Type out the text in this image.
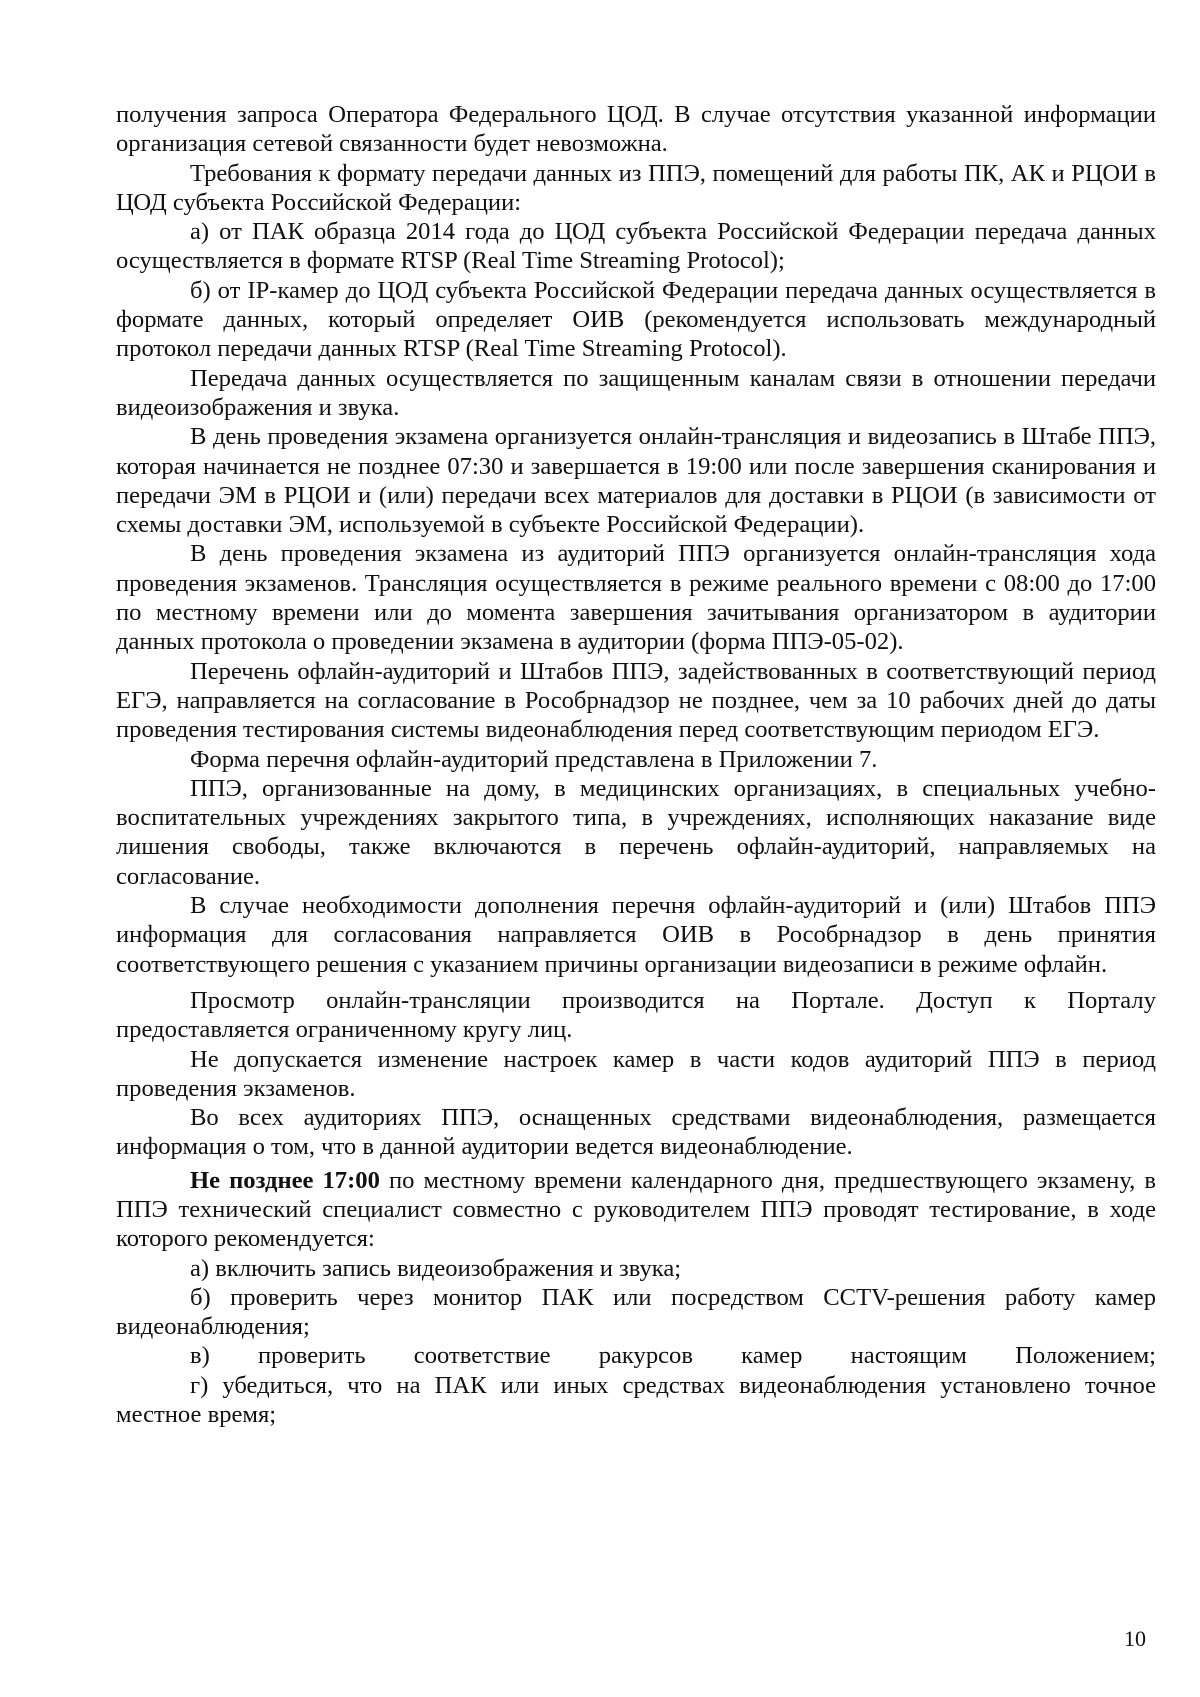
получения запроса Оператора Федерального ЦОД. В случае отсутствия указанной информации организация сетевой связанности будет невозможна.

Требования к формату передачи данных из ППЭ, помещений для работы ПК, АК и РЦОИ в ЦОД субъекта Российской Федерации:

а) от ПАК образца 2014 года до ЦОД субъекта Российской Федерации передача данных осуществляется в формате RTSP (Real Time Streaming Protocol);

б) от IP-камер до ЦОД субъекта Российской Федерации передача данных осуществляется в формате данных, который определяет ОИВ (рекомендуется использовать международный протокол передачи данных RTSP (Real Time Streaming Protocol).

Передача данных осуществляется по защищенным каналам связи в отношении передачи видеоизображения и звука.

В день проведения экзамена организуется онлайн-трансляция и видеозапись в Штабе ППЭ, которая начинается не позднее 07:30 и завершается в 19:00 или после завершения сканирования и передачи ЭМ в РЦОИ и (или) передачи всех материалов для доставки в РЦОИ (в зависимости от схемы доставки ЭМ, используемой в субъекте Российской Федерации).

В день проведения экзамена из аудиторий ППЭ организуется онлайн-трансляция хода проведения экзаменов. Трансляция осуществляется в режиме реального времени с 08:00 до 17:00 по местному времени или до момента завершения зачитывания организатором в аудитории данных протокола о проведении экзамена в аудитории (форма ППЭ-05-02).

Перечень офлайн-аудиторий и Штабов ППЭ, задействованных в соответствующий период ЕГЭ, направляется на согласование в Рособрнадзор не позднее, чем за 10 рабочих дней до даты проведения тестирования системы видеонаблюдения перед соответствующим периодом ЕГЭ.

Форма перечня офлайн-аудиторий представлена в Приложении 7.

ППЭ, организованные на дому, в медицинских организациях, в специальных учебно-воспитательных учреждениях закрытого типа, в учреждениях, исполняющих наказание виде лишения свободы, также включаются в перечень офлайн-аудиторий, направляемых на согласование.

В случае необходимости дополнения перечня офлайн-аудиторий и (или) Штабов ППЭ информация для согласования направляется ОИВ в Рособрнадзор в день принятия соответствующего решения с указанием причины организации видеозаписи в режиме офлайн.

Просмотр онлайн-трансляции производится на Портале. Доступ к Порталу предоставляется ограниченному кругу лиц.

Не допускается изменение настроек камер в части кодов аудиторий ППЭ в период проведения экзаменов.

Во всех аудиториях ППЭ, оснащенных средствами видеонаблюдения, размещается информация о том, что в данной аудитории ведется видеонаблюдение.

Не позднее 17:00 по местному времени календарного дня, предшествующего экзамену, в ППЭ технический специалист совместно с руководителем ППЭ проводят тестирование, в ходе которого рекомендуется:

а) включить запись видеоизображения и звука;

б) проверить через монитор ПАК или посредством CCTV-решения работу камер видеонаблюдения;

в) проверить соответствие ракурсов камер настоящим Положением;

г) убедиться, что на ПАК или иных средствах видеонаблюдения установлено точное местное время;

10
